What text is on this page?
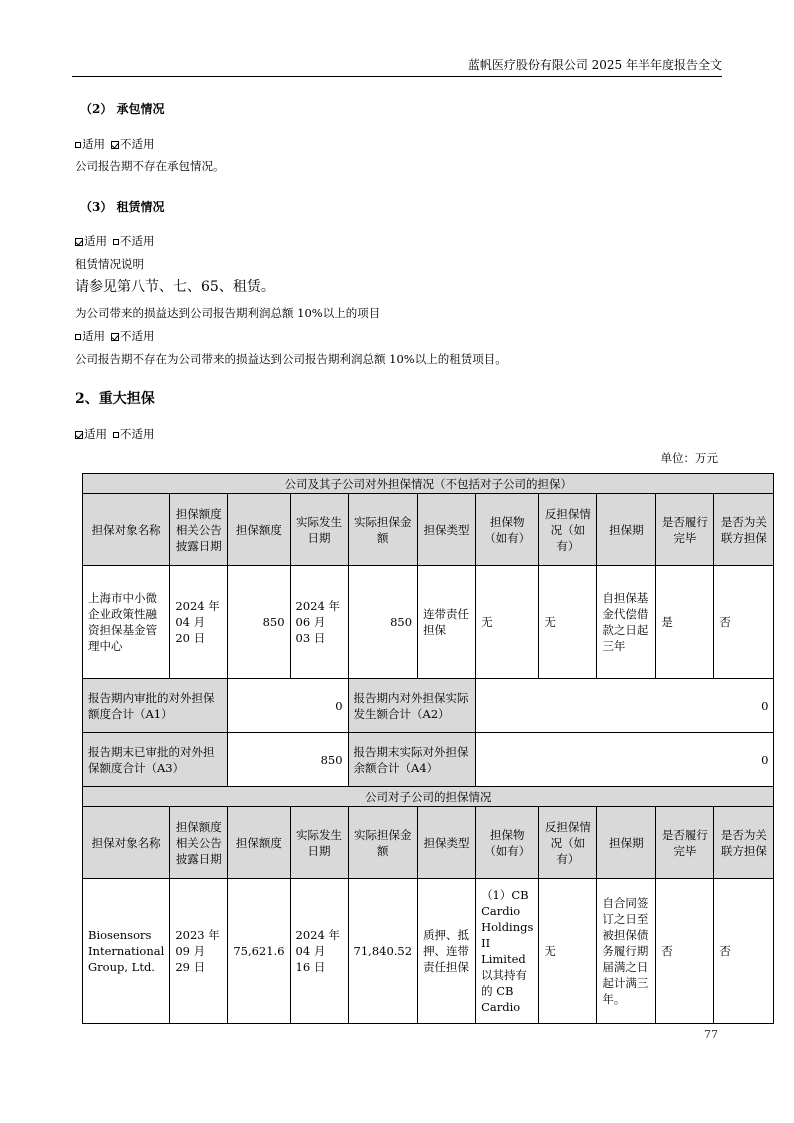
蓝帆医疗股份有限公司 2025 年半年度报告全文
（2） 承包情况
适用 不适用
公司报告期不存在承包情况。
（3） 租赁情况
适用 不适用
租赁情况说明
请参见第八节、七、65、租赁。
为公司带来的损益达到公司报告期利润总额 10%以上的项目
适用 不适用
公司报告期不存在为公司带来的损益达到公司报告期利润总额 10%以上的租赁项目。
2、重大担保
适用 不适用
单位：万元
公司及其子公司对外担保情况（不包括对子公司的担保）										
担保对象名称	担保额度相关公告披露日期	担保额度	实际发生日期	实际担保金额	担保类型	担保物（如有）	反担保情况（如有）	担保期	是否履行完毕	是否为关联方担保
上海市中小微企业政策性融资担保基金管理中心	2024 年 04 月 20 日	850	2024 年 06 月 03 日	850	连带责任担保	无	无	自担保基金代偿借款之日起三年	是	否
报告期内审批的对外担保额度合计（A1）		0		报告期内对外担保实际发生额合计（A2）		0				
报告期末已审批的对外担保额度合计（A3）		850		报告期末实际对外担保余额合计（A4）		0				
公司对子公司的担保情况										
担保对象名称	担保额度相关公告披露日期	担保额度	实际发生日期	实际担保金额	担保类型	担保物（如有）	反担保情况（如有）	担保期	是否履行完毕	是否为关联方担保
Biosensors International Group, Ltd.	2023 年 09 月 29 日	75,621.6	2024 年 04 月 16 日	71,840.52	质押、抵押、连带责任担保	（1）CB Cardio Holdings II Limited 以其持有的 CB Cardio	无	自合同签订之日至被担保债务履行期届满之日起计满三年。	否	否
77
